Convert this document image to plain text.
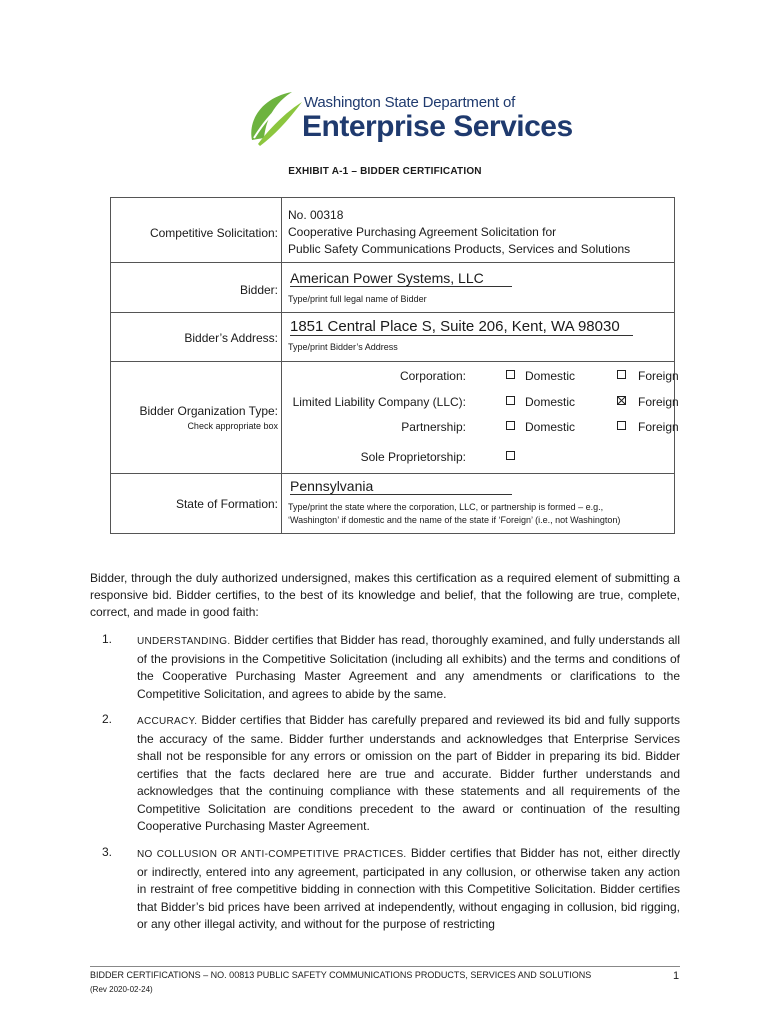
Washington State Department of
Enterprise Services
EXHIBIT A-1 – BIDDER CERTIFICATION
Competitive Solicitation:
No. 00318
Cooperative Purchasing Agreement Solicitation for
Public Safety Communications Products, Services and Solutions
Bidder:
American Power Systems, LLC
Type/print full legal name of Bidder
Bidder’s Address:
1851 Central Place S, Suite 206, Kent, WA 98030
Type/print Bidder’s Address
Bidder Organization Type:
Check appropriate box
Corporation:	Domestic	Foreign
Limited Liability Company (LLC):	Domestic	Foreign
Partnership:	Domestic	Foreign
Sole Proprietorship:
State of Formation:
Pennsylvania
Type/print the state where the corporation, LLC, or partnership is formed – e.g.,
‘Washington’ if domestic and the name of the state if ‘Foreign’ (i.e., not Washington)
Bidder, through the duly authorized undersigned, makes this certification as a required element of submitting a responsive bid. Bidder certifies, to the best of its knowledge and belief, that the following are true, complete, correct, and made in good faith:
1. UNDERSTANDING. Bidder certifies that Bidder has read, thoroughly examined, and fully understands all of the provisions in the Competitive Solicitation (including all exhibits) and the terms and conditions of the Cooperative Purchasing Master Agreement and any amendments or clarifications to the Competitive Solicitation, and agrees to abide by the same.
2. ACCURACY. Bidder certifies that Bidder has carefully prepared and reviewed its bid and fully supports the accuracy of the same. Bidder further understands and acknowledges that Enterprise Services shall not be responsible for any errors or omission on the part of Bidder in preparing its bid. Bidder certifies that the facts declared here are true and accurate. Bidder further understands and acknowledges that the continuing compliance with these statements and all requirements of the Competitive Solicitation are conditions precedent to the award or continuation of the resulting Cooperative Purchasing Master Agreement.
3. NO COLLUSION OR ANTI-COMPETITIVE PRACTICES. Bidder certifies that Bidder has not, either directly or indirectly, entered into any agreement, participated in any collusion, or otherwise taken any action in restraint of free competitive bidding in connection with this Competitive Solicitation. Bidder certifies that Bidder’s bid prices have been arrived at independently, without engaging in collusion, bid rigging, or any other illegal activity, and without for the purpose of restricting
BIDDER CERTIFICATIONS – NO. 00813 PUBLIC SAFETY COMMUNICATIONS PRODUCTS, SERVICES AND SOLUTIONS
(Rev 2020-02-24)
1
